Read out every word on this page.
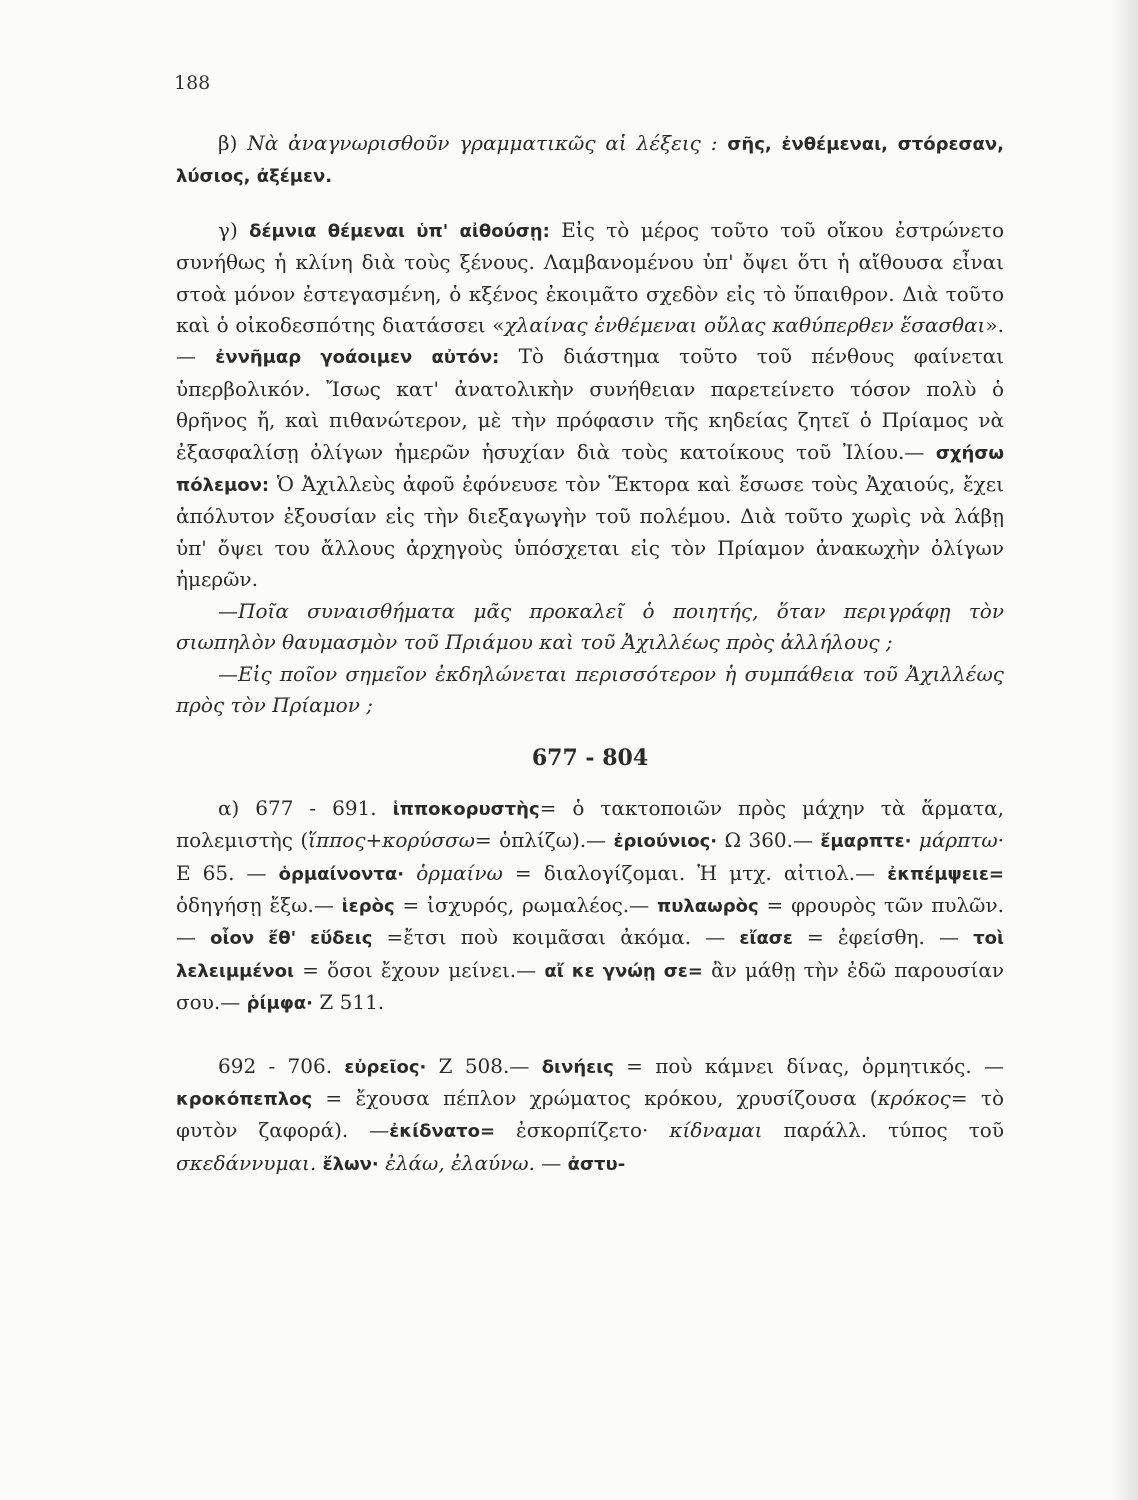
188

β) Νὰ ἀναγνωρισθοῦν γραμματικῶς αἱ λέξεις : σῆς, ἐνθέμεναι, στόρεσαν, λύσιος, ἀξέμεν.

γ) δέμνια θέμεναι ὑπ' αἰθούσῃ: Εἰς τὸ μέρος τοῦτο τοῦ οἴκου ἐστρώνετο συνήθως ἡ κλίνη διὰ τοὺς ξένους. Λαμβανομένου ὑπ' ὄψει ὅτι ἡ αἴθουσα εἶναι στοὰ μόνον ἐστεγασμένη, ὁ κξένος ἐκοιμᾶτο σχεδὸν εἰς τὸ ὕπαιθρον. Διὰ τοῦτο καὶ ὁ οἰκοδεσπότης διατάσσει «χλαίνας ἐνθέμεναι οὔλας καθύπερθεν ἕσασθαι».— ἐννῆμαρ γοάοιμεν αὐτόν: Τὸ διάστημα τοῦτο τοῦ πένθους φαίνεται ὑπερβολικόν. Ἴσως κατ' ἀνατολικὴν συνήθειαν παρετείνετο τόσον πολὺ ὁ θρῆνος ἤ, καὶ πιθανώτερον, μὲ τὴν πρόφασιν τῆς κηδείας ζητεῖ ὁ Πρίαμος νὰ ἐξασφαλίσῃ ὀλίγων ἡμερῶν ἡσυχίαν διὰ τοὺς κατοίκους τοῦ Ἰλίου.— σχήσω πόλεμον: Ὁ Ἀχιλλεὺς ἀφοῦ ἐφόνευσε τὸν Ἕκτορα καὶ ἔσωσε τοὺς Ἀχαιούς, ἔχει ἀπόλυτον ἐξουσίαν εἰς τὴν διεξαγωγὴν τοῦ πολέμου. Διὰ τοῦτο χωρὶς νὰ λάβῃ ὑπ' ὄψει του ἄλλους ἀρχηγοὺς ὑπόσχεται εἰς τὸν Πρίαμον ἀνακωχὴν ὀλίγων ἡμερῶν.

—Ποῖα συναισθήματα μᾶς προκαλεῖ ὁ ποιητής, ὅταν περιγράφῃ τὸν σιωπηλὸν θαυμασμὸν τοῦ Πριάμου καὶ τοῦ Ἀχιλλέως πρὸς ἀλλήλους ;

—Εἰς ποῖον σημεῖον ἐκδηλώνεται περισσότερον ἡ συμπάθεια τοῦ Ἀχιλλέως πρὸς τὸν Πρίαμον ;

677 - 804

α) 677 - 691. ἱπποκορυστὴς= ὁ τακτοποιῶν πρὸς μάχην τὰ ἅρματα, πολεμιστὴς (ἵππος+κορύσσω= ὁπλίζω).— ἐριούνιος· Ω 360.— ἔμαρπτε· μάρπτω· Ε 65. — ὁρμαίνοντα· ὁρμαίνω = διαλογίζομαι. Ἡ μτχ. αἰτιολ.— ἐκπέμψειε= ὁδηγήσῃ ἔξω.— ἱερὸς = ἰσχυρός, ρωμαλέος.— πυλαωρὸς = φρουρὸς τῶν πυλῶν. — οἷον ἔθ' εὕδεις =ἔτσι ποὺ κοιμᾶσαι ἀκόμα. — εἴασε = ἐφείσθη. — τοὶ λελειμμένοι = ὅσοι ἔχουν μείνει.— αἴ κε γνώῃ σε= ἂν μάθῃ τὴν ἐδῶ παρουσίαν σου.— ῥίμφα· Ζ 511.

692 - 706. εὐρεῖος· Ζ 508.— δινήεις = ποὺ κάμνει δίνας, ὁρμητικός. — κροκόπεπλος = ἔχουσα πέπλον χρώματος κρόκου, χρυσίζουσα (κρόκος= τὸ φυτὸν ζαφορά). —ἐκίδνατο= ἐσκορπίζετο· κίδναμαι παράλλ. τύπος τοῦ σκεδάννυμαι. ἔλων· ἐλάω, ἐλαύνω. — ἀστυ-
